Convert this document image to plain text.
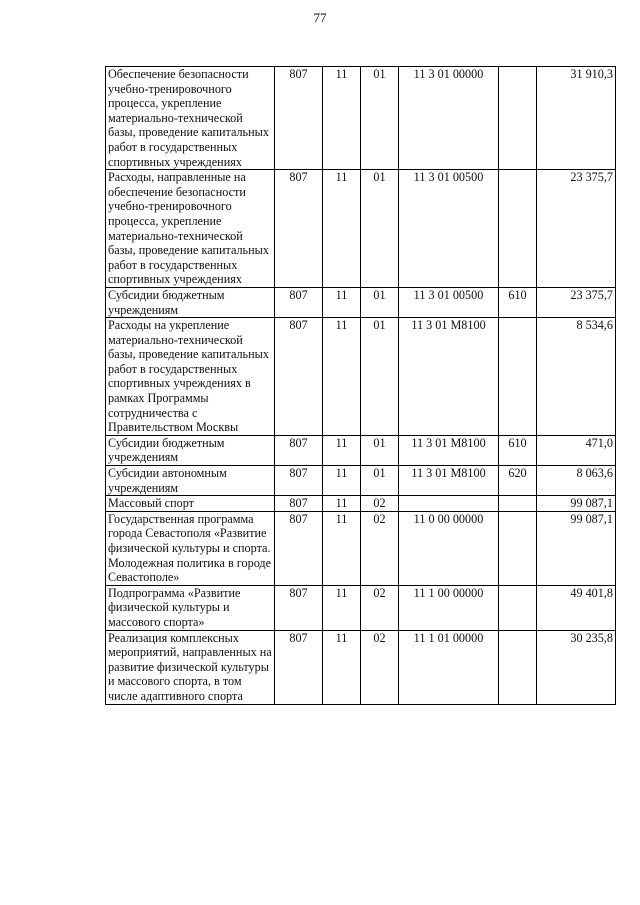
77
Обеспечение безопасности учебно-тренировочного процесса, укрепление материально-технической базы, проведение капитальных работ в государственных спортивных учреждениях	807	11	01	11 3 01 00000		31 910,3
Расходы, направленные на обеспечение безопасности учебно-тренировочного процесса, укрепление материально-технической базы, проведение капитальных работ в государственных спортивных учреждениях	807	11	01	11 3 01 00500		23 375,7
Субсидии бюджетным учреждениям	807	11	01	11 3 01 00500	610	23 375,7
Расходы на укрепление материально-технической базы, проведение капитальных работ в государственных спортивных учреждениях в рамках Программы сотрудничества с Правительством Москвы	807	11	01	11 3 01 M8100		8 534,6
Субсидии бюджетным учреждениям	807	11	01	11 3 01 M8100	610	471,0
Субсидии автономным учреждениям	807	11	01	11 3 01 M8100	620	8 063,6
Массовый спорт	807	11	02			99 087,1
Государственная программа города Севастополя «Развитие физической культуры и спорта. Молодежная политика в городе Севастополе»	807	11	02	11 0 00 00000		99 087,1
Подпрограмма «Развитие физической культуры и массового спорта»	807	11	02	11 1 00 00000		49 401,8
Реализация комплексных мероприятий, направленных на развитие физической культуры и массового спорта, в том числе адаптивного спорта	807	11	02	11 1 01 00000		30 235,8
